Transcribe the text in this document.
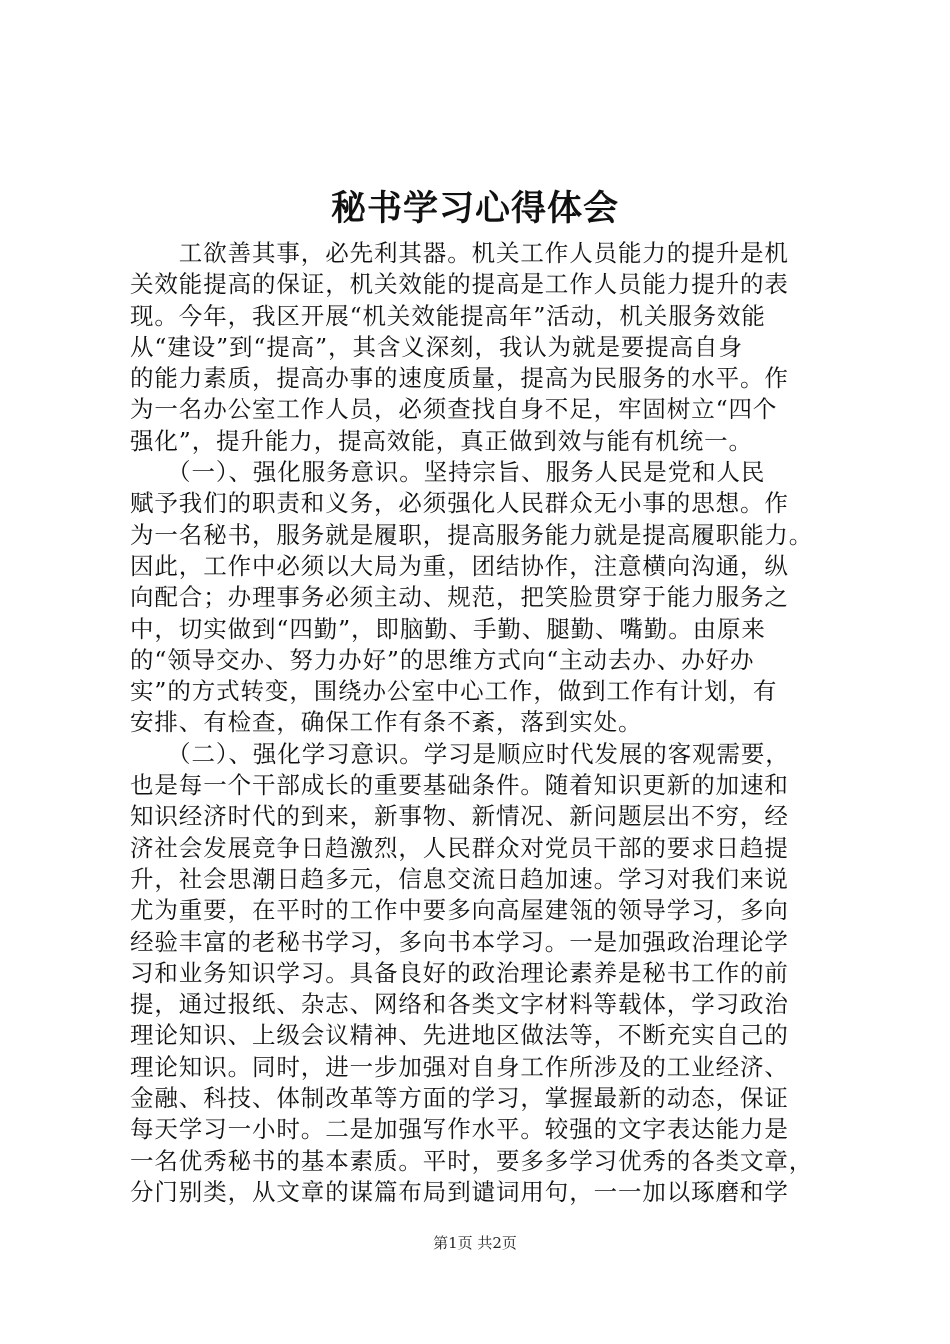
秘书学习心得体会
　　工欲善其事，必先利其器。机关工作人员能力的提升是机
关效能提高的保证，机关效能的提高是工作人员能力提升的表
现。今年，我区开展“机关效能提高年”活动，机关服务效能
从“建设”到“提高”，其含义深刻，我认为就是要提高自身
的能力素质，提高办事的速度质量，提高为民服务的水平。作
为一名办公室工作人员，必须查找自身不足，牢固树立“四个
强化”，提升能力，提高效能，真正做到效与能有机统一。
　　（一）、强化服务意识。坚持宗旨、服务人民是党和人民
赋予我们的职责和义务，必须强化人民群众无小事的思想。作
为一名秘书，服务就是履职，提高服务能力就是提高履职能力。
因此，工作中必须以大局为重，团结协作，注意横向沟通，纵
向配合；办理事务必须主动、规范，把笑脸贯穿于能力服务之
中，切实做到“四勤”，即脑勤、手勤、腿勤、嘴勤。由原来
的“领导交办、努力办好”的思维方式向“主动去办、办好办
实”的方式转变，围绕办公室中心工作，做到工作有计划，有
安排、有检查，确保工作有条不紊，落到实处。
　　（二）、强化学习意识。学习是顺应时代发展的客观需要，
也是每一个干部成长的重要基础条件。随着知识更新的加速和
知识经济时代的到来，新事物、新情况、新问题层出不穷，经
济社会发展竞争日趋激烈，人民群众对党员干部的要求日趋提
升，社会思潮日趋多元，信息交流日趋加速。学习对我们来说
尤为重要，在平时的工作中要多向高屋建瓴的领导学习，多向
经验丰富的老秘书学习，多向书本学习。一是加强政治理论学
习和业务知识学习。具备良好的政治理论素养是秘书工作的前
提，通过报纸、杂志、网络和各类文字材料等载体，学习政治
理论知识、上级会议精神、先进地区做法等，不断充实自己的
理论知识。同时，进一步加强对自身工作所涉及的工业经济、
金融、科技、体制改革等方面的学习，掌握最新的动态，保证
每天学习一小时。二是加强写作水平。较强的文字表达能力是
一名优秀秘书的基本素质。平时，要多多学习优秀的各类文章，
分门别类，从文章的谋篇布局到谴词用句，一一加以琢磨和学
第1页 共2页
